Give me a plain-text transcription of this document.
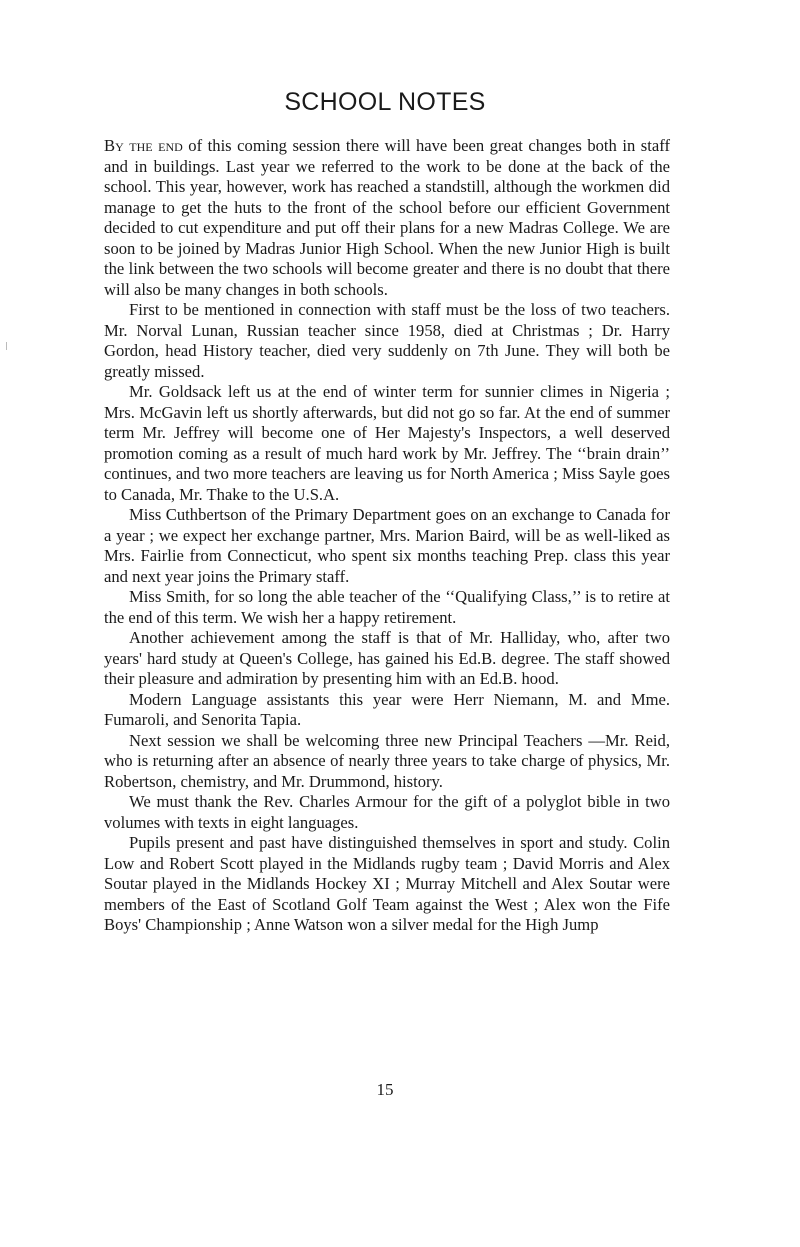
SCHOOL NOTES

By the end of this coming session there will have been great changes both in staff and in buildings. Last year we referred to the work to be done at the back of the school. This year, however, work has reached a standstill, although the workmen did manage to get the huts to the front of the school before our efficient Government decided to cut expenditure and put off their plans for a new Madras College. We are soon to be joined by Madras Junior High School. When the new Junior High is built the link between the two schools will become greater and there is no doubt that there will also be many changes in both schools.

First to be mentioned in connection with staff must be the loss of two teachers. Mr. Norval Lunan, Russian teacher since 1958, died at Christmas ; Dr. Harry Gordon, head History teacher, died very suddenly on 7th June. They will both be greatly missed.

Mr. Goldsack left us at the end of winter term for sunnier climes in Nigeria ; Mrs. McGavin left us shortly afterwards, but did not go so far. At the end of summer term Mr. Jeffrey will become one of Her Majesty's Inspectors, a well deserved promotion coming as a result of much hard work by Mr. Jeffrey. The ‘‘brain drain’’ continues, and two more teachers are leaving us for North America ; Miss Sayle goes to Canada, Mr. Thake to the U.S.A.

Miss Cuthbertson of the Primary Department goes on an exchange to Canada for a year ; we expect her exchange partner, Mrs. Marion Baird, will be as well-liked as Mrs. Fairlie from Connecticut, who spent six months teaching Prep. class this year and next year joins the Primary staff.

Miss Smith, for so long the able teacher of the ‘‘Qualifying Class,’’ is to retire at the end of this term. We wish her a happy retirement.

Another achievement among the staff is that of Mr. Halliday, who, after two years' hard study at Queen's College, has gained his Ed.B. degree. The staff showed their pleasure and admiration by presenting him with an Ed.B. hood.

Modern Language assistants this year were Herr Niemann, M. and Mme. Fumaroli, and Senorita Tapia.

Next session we shall be welcoming three new Principal Teachers —Mr. Reid, who is returning after an absence of nearly three years to take charge of physics, Mr. Robertson, chemistry, and Mr. Drummond, history.

We must thank the Rev. Charles Armour for the gift of a polyglot bible in two volumes with texts in eight languages.

Pupils present and past have distinguished themselves in sport and study. Colin Low and Robert Scott played in the Midlands rugby team ; David Morris and Alex Soutar played in the Midlands Hockey XI ; Murray Mitchell and Alex Soutar were members of the East of Scotland Golf Team against the West ; Alex won the Fife Boys' Championship ; Anne Watson won a silver medal for the High Jump

15
